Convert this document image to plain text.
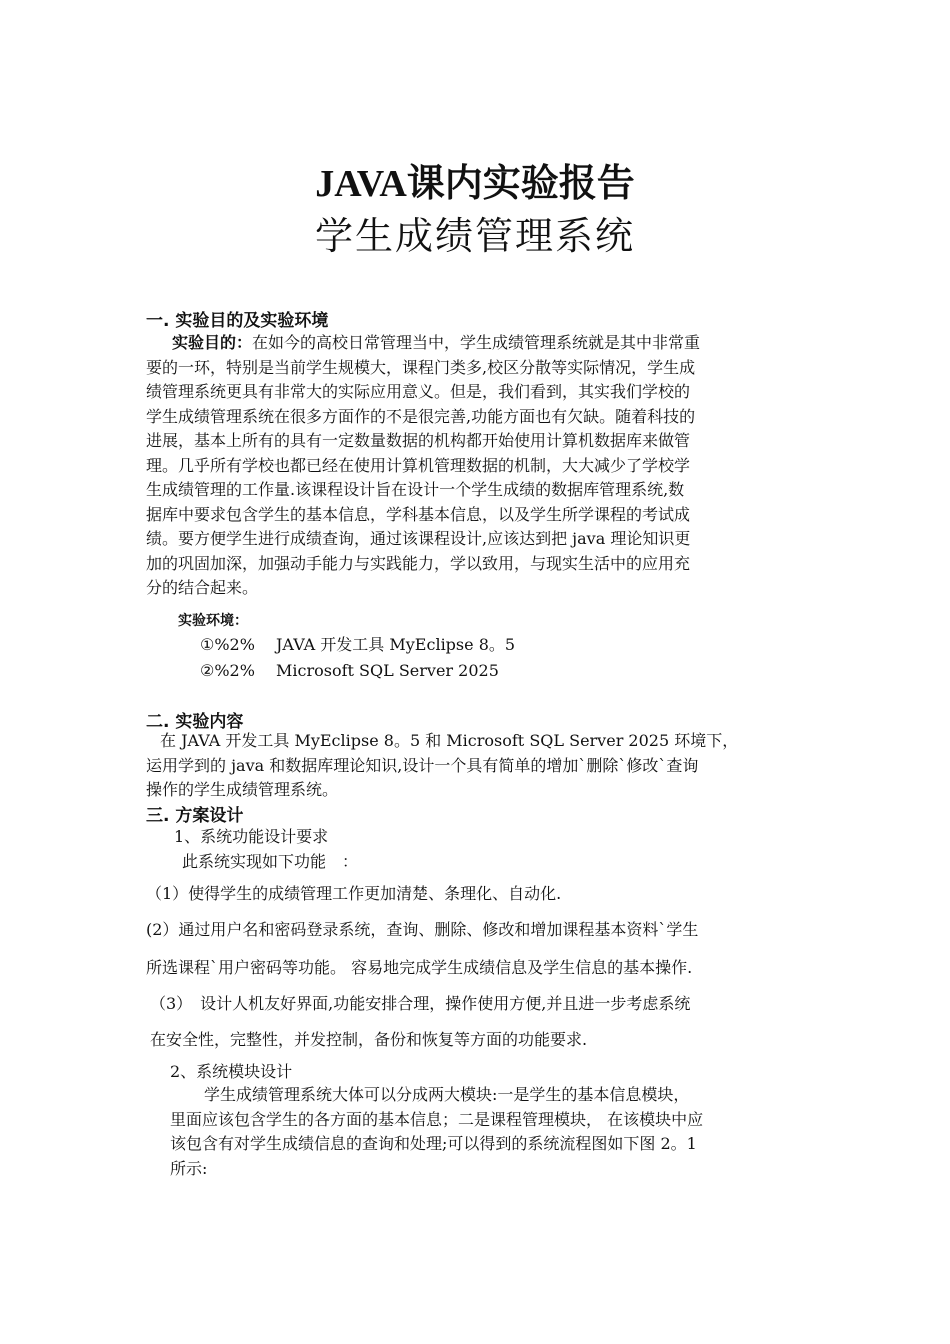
JAVA课内实验报告
学生成绩管理系统
一. 实验目的及实验环境
实验目的：在如今的高校日常管理当中，学生成绩管理系统就是其中非常重
要的一环，特别是当前学生规模大，课程门类多,校区分散等实际情况，学生成
绩管理系统更具有非常大的实际应用意义。但是，我们看到，其实我们学校的
学生成绩管理系统在很多方面作的不是很完善,功能方面也有欠缺。随着科技的
进展，基本上所有的具有一定数量数据的机构都开始使用计算机数据库来做管
理。几乎所有学校也都已经在使用计算机管理数据的机制，大大减少了学校学
生成绩管理的工作量.该课程设计旨在设计一个学生成绩的数据库管理系统,数
据库中要求包含学生的基本信息，学科基本信息，以及学生所学课程的考试成
绩。要方便学生进行成绩查询，通过该课程设计,应该达到把 java 理论知识更
加的巩固加深，加强动手能力与实践能力，学以致用，与现实生活中的应用充
分的结合起来。
实验环境：
①%2%　 JAVA 开发工具 MyEclipse 8。5
②%2%　 Microsoft SQL Server 2025
二. 实验内容
在 JAVA 开发工具 MyEclipse 8。5 和 Microsoft SQL Server 2025 环境下，
运用学到的 java 和数据库理论知识,设计一个具有简单的增加`删除`修改`查询
操作的学生成绩管理系统。
三. 方案设计
1、系统功能设计要求
此系统实现如下功能　：
（1）使得学生的成绩管理工作更加清楚、条理化、自动化.
(2）通过用户名和密码登录系统，查询、删除、修改和增加课程基本资料`学生
所选课程`用户密码等功能。 容易地完成学生成绩信息及学生信息的基本操作.
（3）　设计人机友好界面,功能安排合理，操作使用方便,并且进一步考虑系统
在安全性，完整性，并发控制，备份和恢复等方面的功能要求.
2、系统模块设计
学生成绩管理系统大体可以分成两大模块:一是学生的基本信息模块，
里面应该包含学生的各方面的基本信息；二是课程管理模块， 在该模块中应
该包含有对学生成绩信息的查询和处理;可以得到的系统流程图如下图 2。1
所示:
